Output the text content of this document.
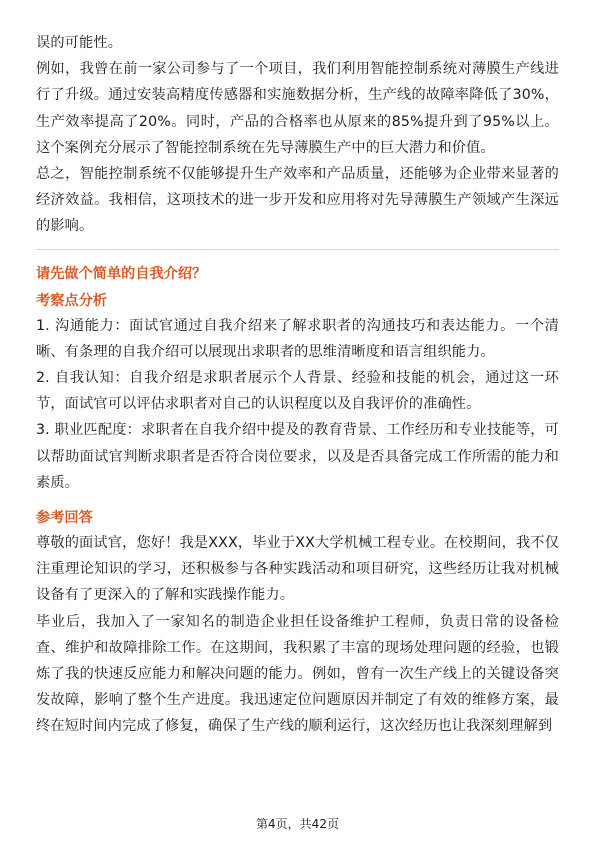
误的可能性。

例如，我曾在前一家公司参与了一个项目，我们利用智能控制系统对薄膜生产线进行了升级。通过安装高精度传感器和实施数据分析，生产线的故障率降低了30%，生产效率提高了20%。同时，产品的合格率也从原来的85%提升到了95%以上。这个案例充分展示了智能控制系统在先导薄膜生产中的巨大潜力和价值。

总之，智能控制系统不仅能够提升生产效率和产品质量，还能够为企业带来显著的经济效益。我相信，这项技术的进一步开发和应用将对先导薄膜生产领域产生深远的影响。

请先做个简单的自我介绍？

考察点分析

1. 沟通能力：面试官通过自我介绍来了解求职者的沟通技巧和表达能力。一个清晰、有条理的自我介绍可以展现出求职者的思维清晰度和语言组织能力。

2. 自我认知：自我介绍是求职者展示个人背景、经验和技能的机会，通过这一环节，面试官可以评估求职者对自己的认识程度以及自我评价的准确性。

3. 职业匹配度：求职者在自我介绍中提及的教育背景、工作经历和专业技能等，可以帮助面试官判断求职者是否符合岗位要求，以及是否具备完成工作所需的能力和素质。

参考回答

尊敬的面试官，您好！我是XXX，毕业于XX大学机械工程专业。在校期间，我不仅注重理论知识的学习，还积极参与各种实践活动和项目研究，这些经历让我对机械设备有了更深入的了解和实践操作能力。

毕业后，我加入了一家知名的制造企业担任设备维护工程师，负责日常的设备检查、维护和故障排除工作。在这期间，我积累了丰富的现场处理问题的经验，也锻炼了我的快速反应能力和解决问题的能力。例如，曾有一次生产线上的关键设备突发故障，影响了整个生产进度。我迅速定位问题原因并制定了有效的维修方案，最终在短时间内完成了修复，确保了生产线的顺利运行，这次经历也让我深刻理解到

第4页，共42页
